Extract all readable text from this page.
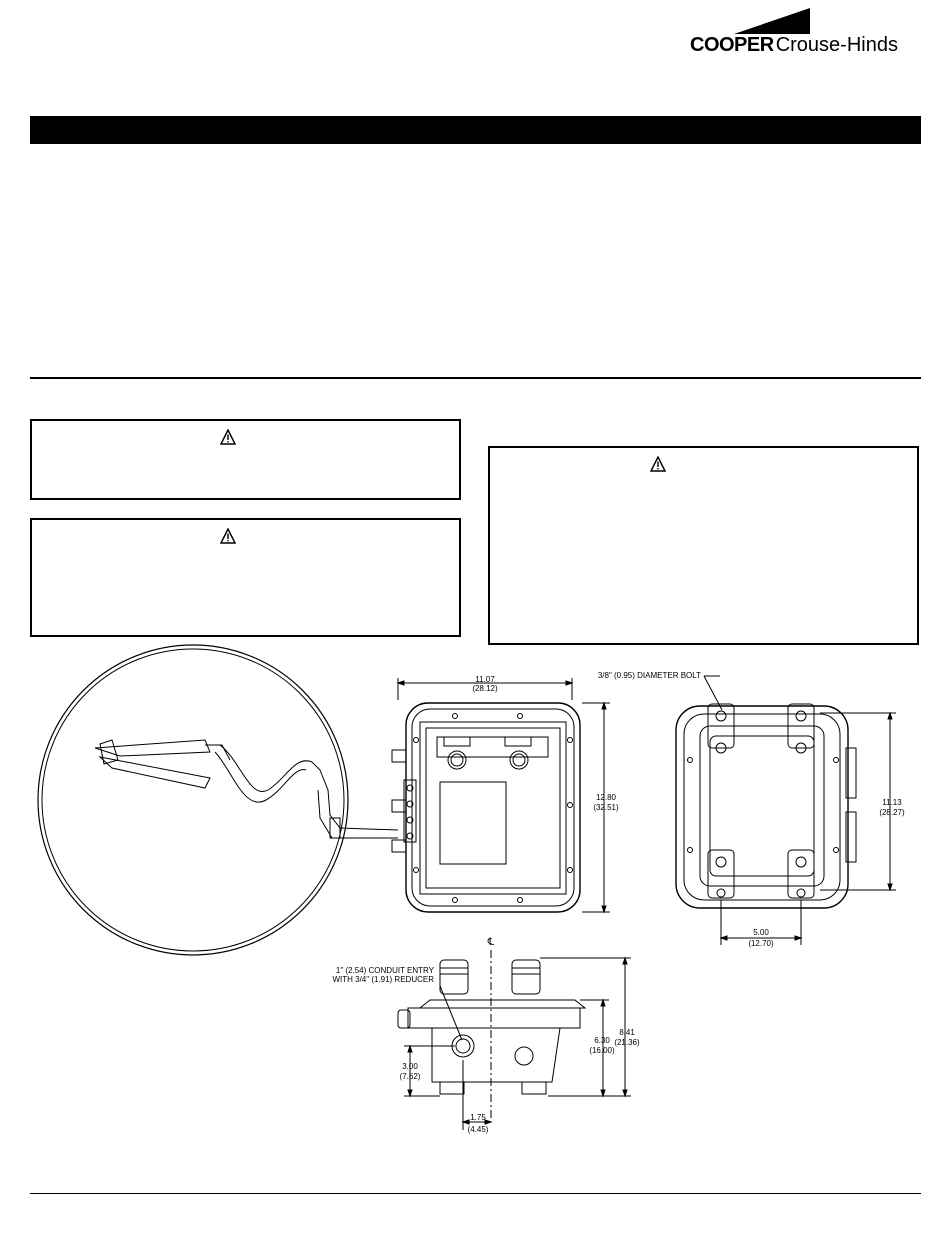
COOPER Crouse-Hinds
11.07
(28.12)
12.80
(32.51)
3/8" (0.95) DIAMETER BOLT
11.13
(28.27)
5.00
(12.70)
℄
1" (2.54) CONDUIT ENTRY
WITH 3/4" (1.91) REDUCER
8.41
(21.36)
6.30
(16.00)
3.00
(7.62)
1.75
(4.45)
